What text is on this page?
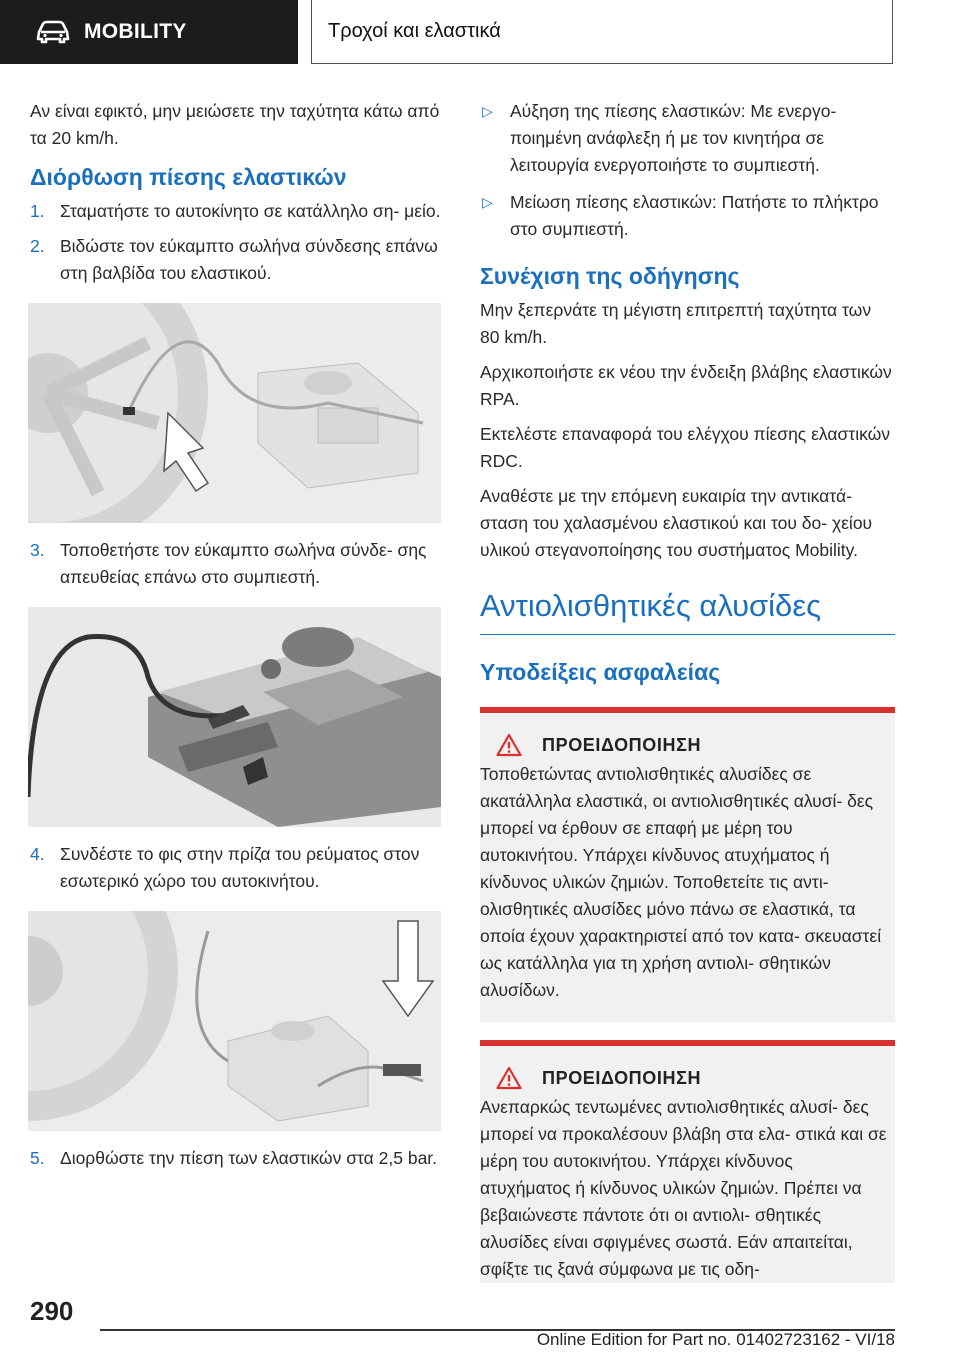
MOBILITY	Τροχοί και ελαστικά

Αν είναι εφικτό, μην μειώσετε την ταχύτητα κάτω από τα 20 km/h.

Διόρθωση πίεσης ελαστικών
1. Σταματήστε το αυτοκίνητο σε κατάλληλο ση‐ μείο.
2. Βιδώστε τον εύκαμπτο σωλήνα σύνδεσης επάνω στη βαλβίδα του ελαστικού.
3. Τοποθετήστε τον εύκαμπτο σωλήνα σύνδε‐ σης απευθείας επάνω στο συμπιεστή.
4. Συνδέστε το φις στην πρίζα του ρεύματος στον εσωτερικό χώρο του αυτοκινήτου.
5. Διορθώστε την πίεση των ελαστικών στα 2,5 bar.
▷ Αύξηση της πίεσης ελαστικών: Με ενεργο‐ ποιημένη ανάφλεξη ή με τον κινητήρα σε λειτουργία ενεργοποιήστε το συμπιεστή.
▷ Μείωση πίεσης ελαστικών: Πατήστε το πλήκτρο στο συμπιεστή.
Συνέχιση της οδήγησης

Μην ξεπερνάτε τη μέγιστη επιτρεπτή ταχύτητα των 80 km/h.

Αρχικοποιήστε εκ νέου την ένδειξη βλάβης ελαστικών RPA.

Εκτελέστε επαναφορά του ελέγχου πίεσης ελαστικών RDC.

Αναθέστε με την επόμενη ευκαιρία την αντικατά‐ σταση του χαλασμένου ελαστικού και του δο‐ χείου υλικού στεγανοποίησης του συστήματος Mobility.

Αντιολισθητικές αλυσίδες
Υποδείξεις ασφαλείας
ΠΡΟΕΙΔΟΠΟΙΗΣΗ

Τοποθετώντας αντιολισθητικές αλυσίδες σε ακατάλληλα ελαστικά, οι αντιολισθητικές αλυσί‐ δες μπορεί να έρθουν σε επαφή με μέρη του αυτοκινήτου. Υπάρχει κίνδυνος ατυχήματος ή κίνδυνος υλικών ζημιών. Τοποθετείτε τις αντι‐ ολισθητικές αλυσίδες μόνο πάνω σε ελαστικά, τα οποία έχουν χαρακτηριστεί από τον κατα‐ σκευαστεί ως κατάλληλα για τη χρήση αντιολι‐ σθητικών αλυσίδων.

ΠΡΟΕΙΔΟΠΟΙΗΣΗ

Ανεπαρκώς τεντωμένες αντιολισθητικές αλυσί‐ δες μπορεί να προκαλέσουν βλάβη στα ελα‐ στικά και σε μέρη του αυτοκινήτου. Υπάρχει κίνδυνος ατυχήματος ή κίνδυνος υλικών ζημιών. Πρέπει να βεβαιώνεστε πάντοτε ότι οι αντιολι‐ σθητικές αλυσίδες είναι σφιγμένες σωστά. Εάν απαιτείται, σφίξτε τις ξανά σύμφωνα με τις οδη‐

290
Online Edition for Part no. 01402723162 - VI/18
